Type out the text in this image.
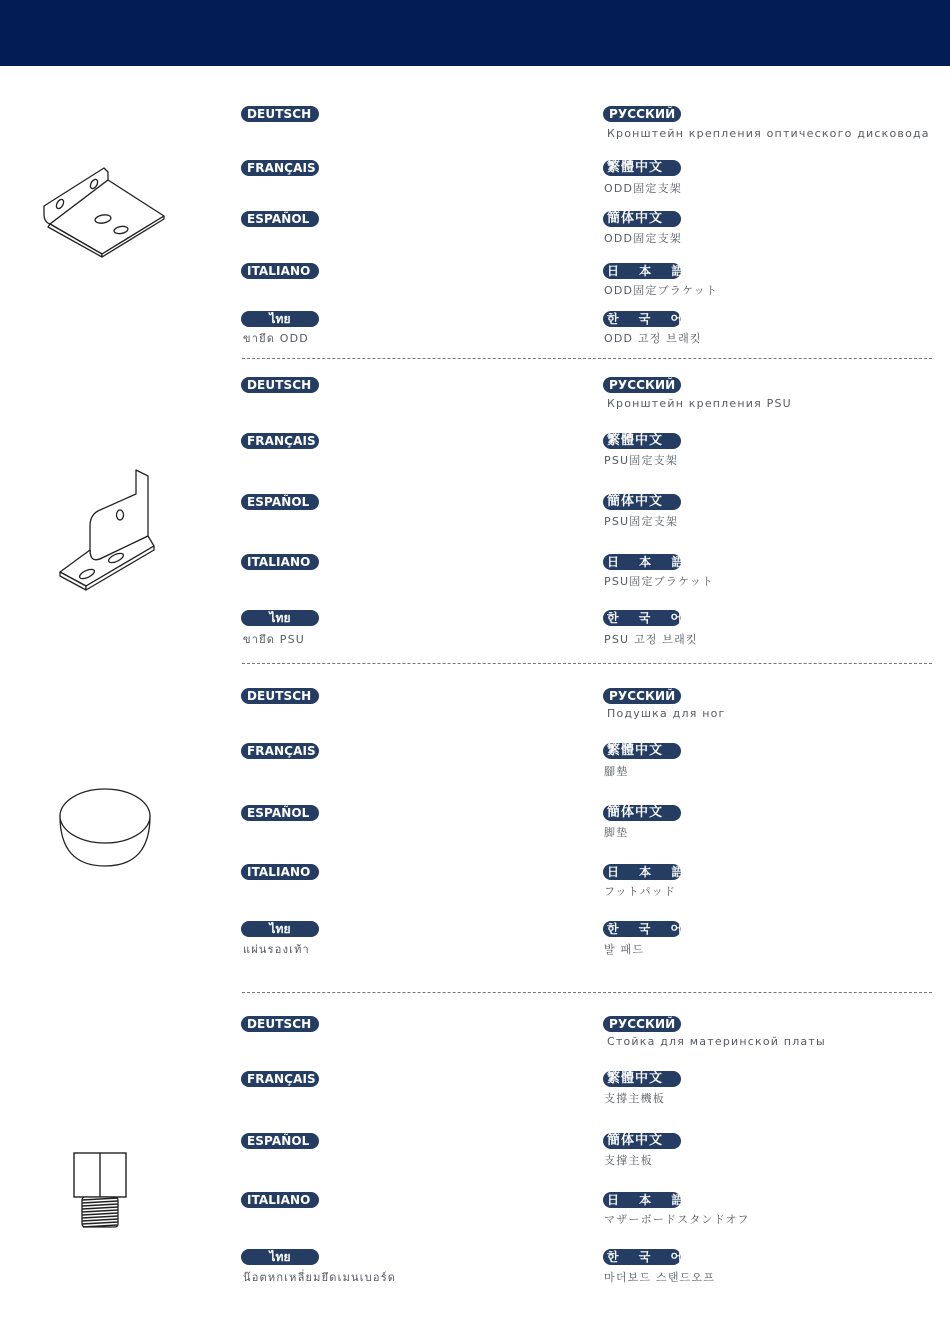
DEUTSCH
FRANÇAIS
ESPAÑOL
ITALIANO
ไทย
ขายึด ODD
РУССКИЙ
Кронштейн крепления оптического дисковода
繁體中文
ODD固定支架
簡体中文
ODD固定支架
日 本 語
ODD固定ブラケット
한 국 어
ODD 고정 브래킷
DEUTSCH
FRANÇAIS
ESPAÑOL
ITALIANO
ไทย
ขายึด PSU
РУССКИЙ
Кронштейн крепления PSU
繁體中文
PSU固定支架
簡体中文
PSU固定支架
日 本 語
PSU固定ブラケット
한 국 어
PSU 고정 브래킷
DEUTSCH
FRANÇAIS
ESPAÑOL
ITALIANO
ไทย
แผ่นรองเท้า
РУССКИЙ
Подушка для ног
繁體中文
腳墊
簡体中文
脚垫
日 本 語
フットパッド
한 국 어
발 패드
DEUTSCH
FRANÇAIS
ESPAÑOL
ITALIANO
ไทย
น๊อตหกเหลี่ยมยึดเมนเบอร์ด
РУССКИЙ
Стойка для материнской платы
繁體中文
支撐主機板
簡体中文
支撑主板
日 本 語
マザーボードスタンドオフ
한 국 어
마더보드 스탠드오프
